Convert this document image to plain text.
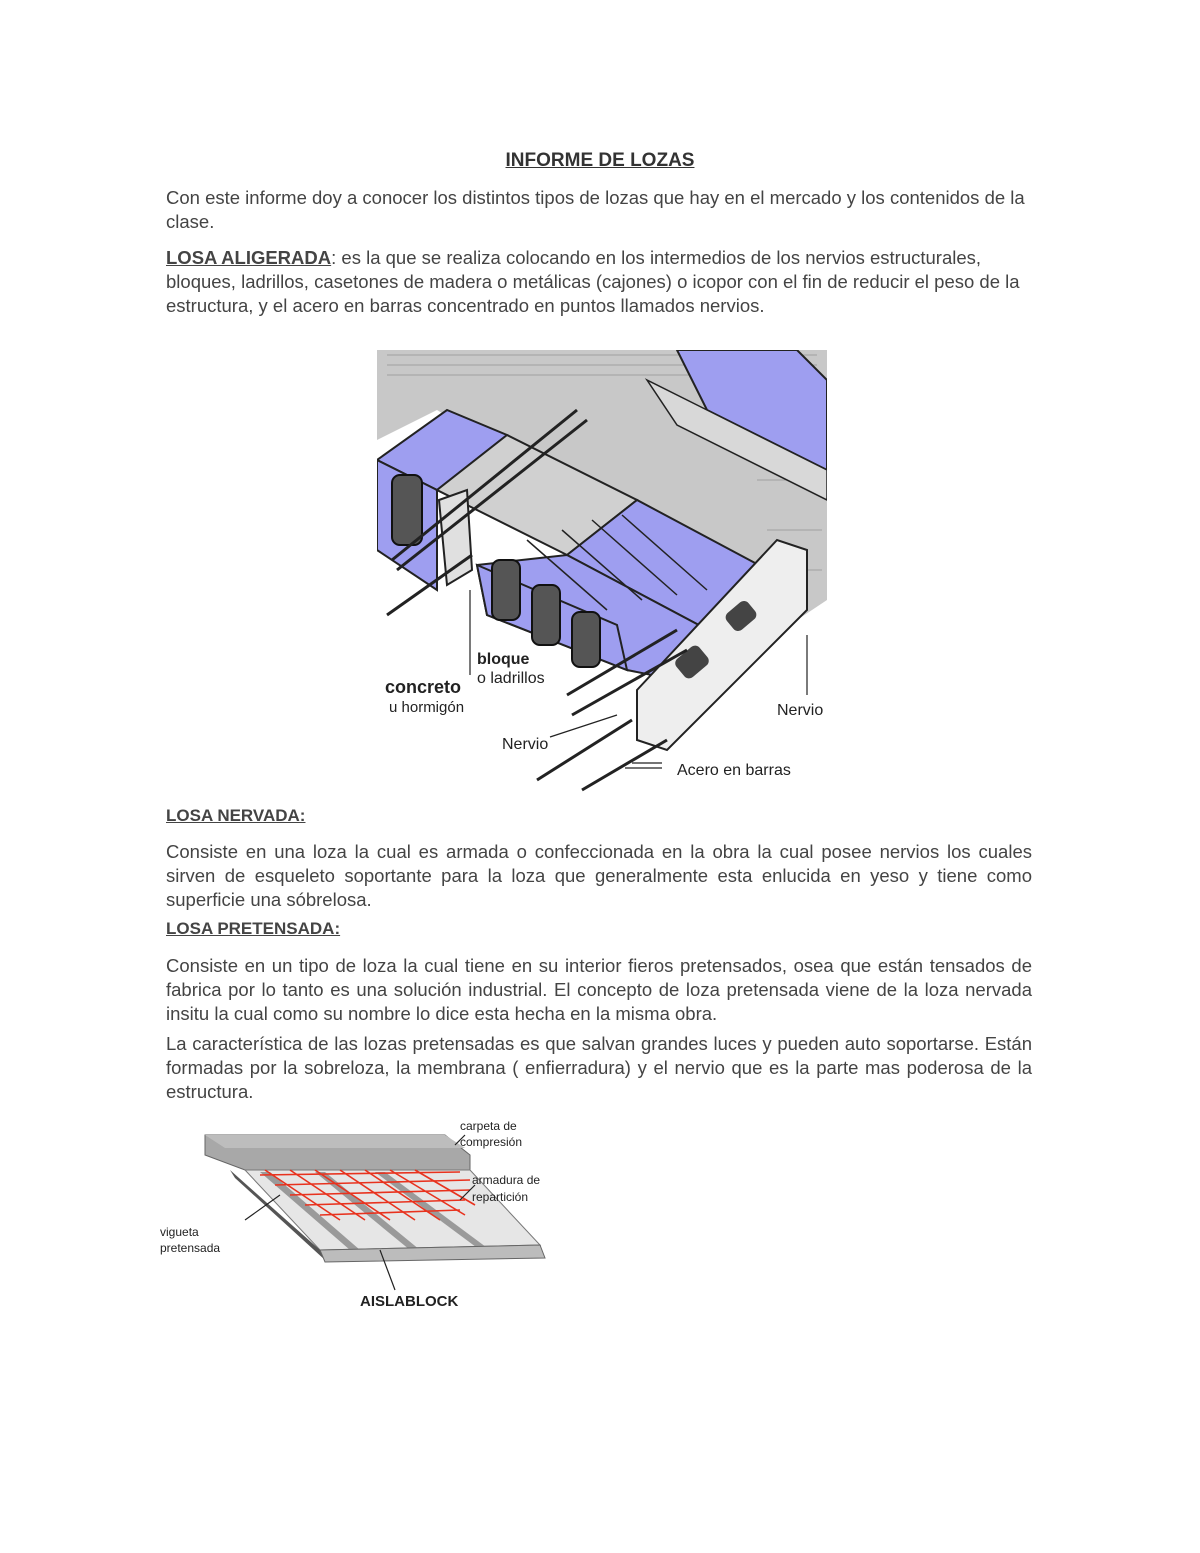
INFORME DE LOZAS
Con este informe doy a conocer los distintos tipos de lozas que hay en el mercado y los contenidos de la clase.
LOSA ALIGERADA: es la que se realiza colocando en los intermedios de los nervios estructurales, bloques, ladrillos, casetones de madera o metálicas (cajones) o icopor con el fin de reducir el peso de la estructura, y el acero en barras concentrado en puntos llamados nervios.
bloque
o ladrillos
concreto
u hormigón
Nervio
Nervio
Acero en barras
LOSA NERVADA:
Consiste en una loza la cual es armada o confeccionada en la obra la cual posee nervios los cuales sirven de esqueleto soportante para la loza que generalmente esta enlucida en yeso y tiene como superficie una sóbrelosa.
LOSA PRETENSADA:
Consiste en un tipo de loza la cual tiene en su interior fieros pretensados, osea que están tensados de fabrica por lo tanto es una solución industrial. El concepto de loza pretensada viene de la loza nervada insitu la cual como su nombre lo dice esta hecha en la misma obra.
La característica de las lozas pretensadas es que salvan grandes luces y pueden auto soportarse. Están formadas por la sobreloza, la membrana ( enfierradura) y el nervio que es la parte mas poderosa de la estructura.
carpeta de
compresión
armadura de
repartición
vigueta
pretensada
AISLABLOCK
